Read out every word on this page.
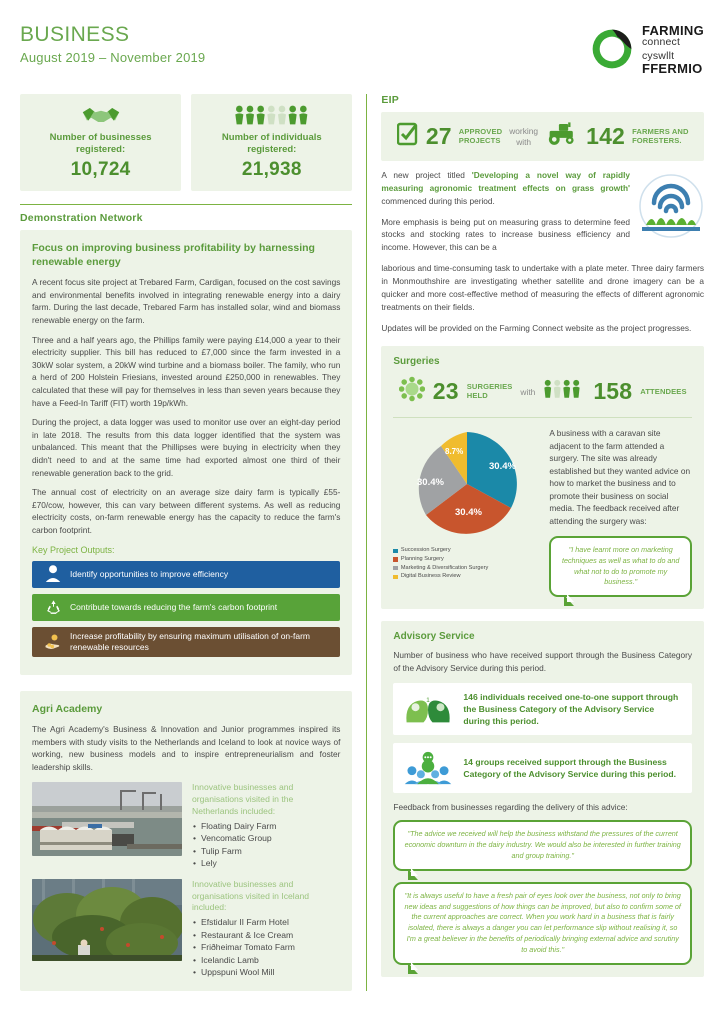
BUSINESS
August 2019 – November 2019
FARMING
connect
cyswllt
FFERMIO
Number of businesses
registered:
10,724
Number of individuals
registered:
21,938
Demonstration Network
Focus on improving business profitability by harnessing renewable energy

A recent focus site project at Trebared Farm, Cardigan, focused on the cost savings and environmental benefits involved in integrating renewable energy into a dairy farm. During the last decade, Trebared Farm has installed solar, wind and biomass renewable energy on the farm.

Three and a half years ago, the Phillips family were paying £14,000 a year to their electricity supplier. This bill has reduced to £7,000 since the farm invested in a 30kW solar system, a 20kW wind turbine and a biomass boiler. The family, who run a herd of 200 Holstein Friesians, invested around £250,000 in renewables. They calculated that these will pay for themselves in less than seven years because they have a Feed-In Tariff (FIT) worth 19p/kWh.

During the project, a data logger was used to monitor use over an eight-day period in late 2018. The results from this data logger identified that the system was unbalanced. This meant that the Phillipses were buying in electricity when they didn't need to and at the same time had exported almost one third of their renewable generation back to the grid.

The annual cost of electricity on an average size dairy farm is typically £55-£70/cow, however, this can vary between different systems. As well as reducing electricity costs, on-farm renewable energy has the capacity to reduce the farm's carbon footprint.

Key Project Outputs:
Identify opportunities to improve efficiency
Contribute towards reducing the farm's carbon footprint
Increase profitability by ensuring maximum utilisation of on-farm renewable resources
Agri Academy

The Agri Academy's Business & Innovation and Junior programmes inspired its members with study visits to the Netherlands and Iceland to look at novice ways of working, new business models and to inspire entrepreneurialism and foster leadership skills.

Innovative businesses and organisations visited in the Netherlands included:
• Floating Dairy Farm
• Vencomatic Group
• Tulip Farm
• Lely
Innovative businesses and organisations visited in Iceland included:
• Efstidalur II Farm Hotel
• Restaurant & Ice Cream
• Friðheimar Tomato Farm
• Icelandic Lamb
• Uppspuni Wool Mill
EIP
27 APPROVED
PROJECTS
working
with	142 FARMERS AND
FORESTERS.

A new project titled 'Developing a novel way of rapidly measuring agronomic treatment effects on grass growth' commenced during this period.

More emphasis is being put on measuring grass to determine feed stocks and stocking rates to increase business efficiency and income. However, this can be a

laborious and time-consuming task to undertake with a plate meter. Three dairy farmers in Monmouthshire are investigating whether satellite and drone imagery can be a quicker and more cost-effective method of measuring the effects of different agronomic treatments on their fields.

Updates will be provided on the Farming Connect website as the project progresses.

Surgeries
23 SURGERIES
HELD	with	158 ATTENDEES
30.4%
30.4%
30.4%
8.7%
Succession Surgery
Planning Surgery
Marketing & Diversification Surgery
Digital Business Review
A business with a caravan site adjacent to the farm attended a surgery. The site was already established but they wanted advice on how to market the business and to promote their business on social media. The feedback received after attending the surgery was:
"I have learnt more on marketing techniques as well as what to do and what not to do to promote my business."
Advisory Service
Number of business who have received support through the Business Category of the Advisory Service during this period.
1	146 individuals received one-to-one support through the Business Category of the Advisory Service during this period.
14 groups received support through the Business Category of the Advisory Service during this period.
Feedback from businesses regarding the delivery of this advice:
"The advice we received will help the business withstand the pressures of the current economic downturn in the dairy industry. We would also be interested in further training and group training."
"It is always useful to have a fresh pair of eyes look over the business, not only to bring new ideas and suggestions of how things can be improved, but also to confirm some of the current approaches are correct. When you work hard in a business that is fairly isolated, there is always a danger you can let performance slip without realising it, so I'm a great believer in the benefits of periodically bringing external advice and scrutiny to avoid this."
